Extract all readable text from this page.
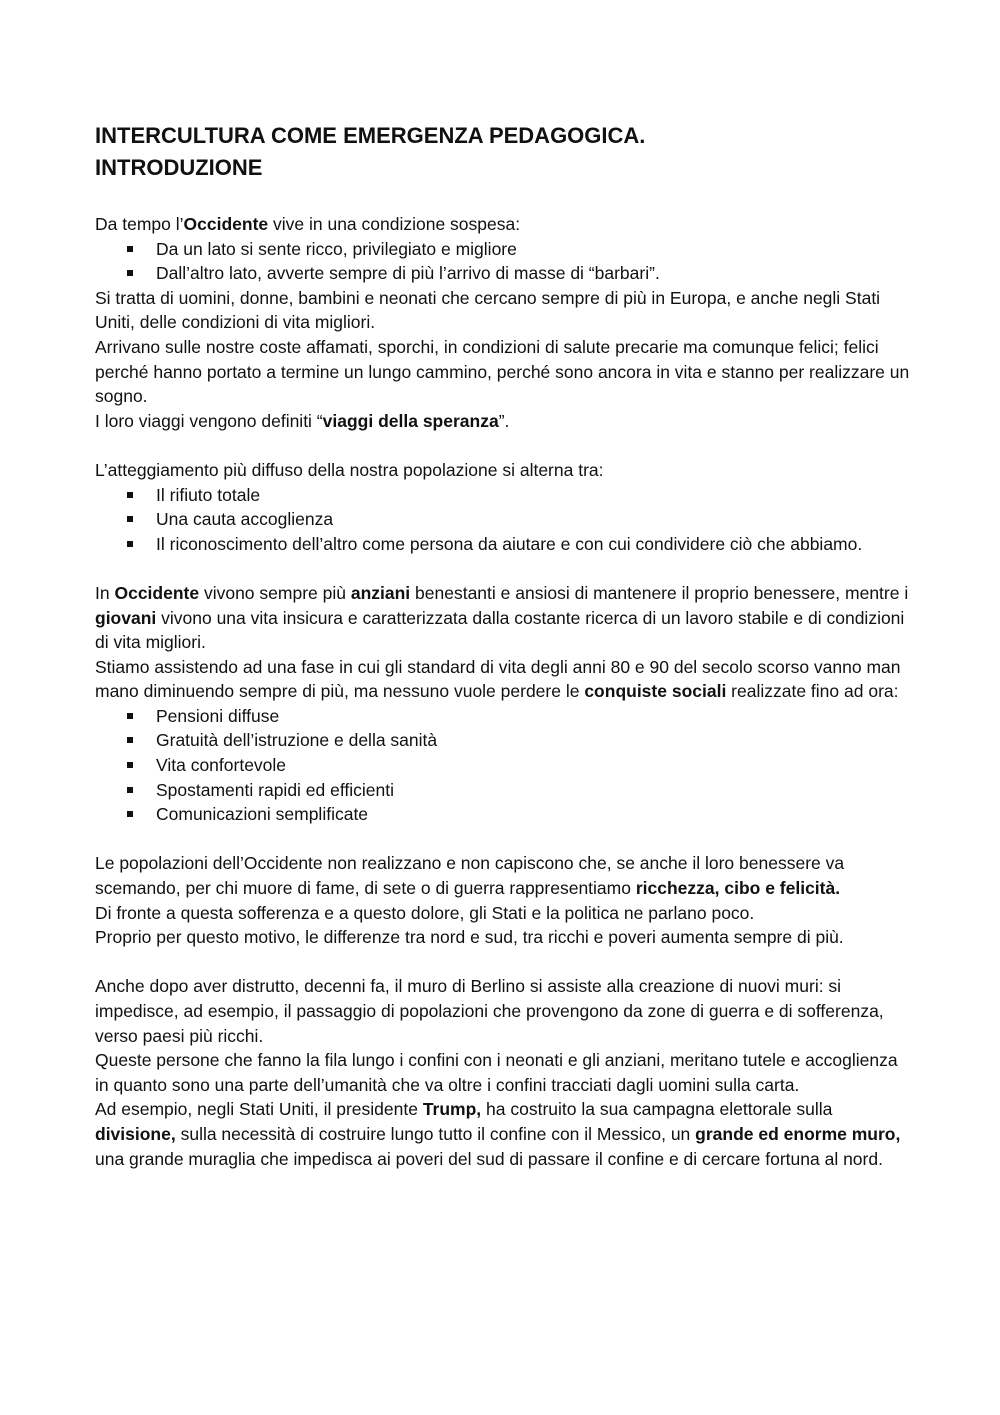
INTERCULTURA COME EMERGENZA PEDAGOGICA.
INTRODUZIONE

Da tempo l’Occidente vive in una condizione sospesa:

Da un lato si sente ricco, privilegiato e migliore
Dall’altro lato, avverte sempre di più l’arrivo di masse di “barbari”.

Si tratta di uomini, donne, bambini e neonati che cercano sempre di più in Europa, e anche negli Stati Uniti, delle condizioni di vita migliori.

Arrivano sulle nostre coste affamati, sporchi, in condizioni di salute precarie ma comunque felici; felici perché hanno portato a termine un lungo cammino, perché sono ancora in vita e stanno per realizzare un sogno.

I loro viaggi vengono definiti “viaggi della speranza”.

L’atteggiamento più diffuso della nostra popolazione si alterna tra:

Il rifiuto totale
Una cauta accoglienza
Il riconoscimento dell’altro come persona da aiutare e con cui condividere ciò che abbiamo.

In Occidente vivono sempre più anziani benestanti e ansiosi di mantenere il proprio benessere, mentre i giovani vivono una vita insicura e caratterizzata dalla costante ricerca di un lavoro stabile e di condizioni di vita migliori.

Stiamo assistendo ad una fase in cui gli standard di vita degli anni 80 e 90 del secolo scorso vanno man mano diminuendo sempre di più, ma nessuno vuole perdere le conquiste sociali realizzate fino ad ora:

Pensioni diffuse
Gratuità dell’istruzione e della sanità
Vita confortevole
Spostamenti rapidi ed efficienti
Comunicazioni semplificate

Le popolazioni dell’Occidente non realizzano e non capiscono che, se anche il loro benessere va scemando, per chi muore di fame, di sete o di guerra rappresentiamo ricchezza, cibo e felicità.

Di fronte a questa sofferenza e a questo dolore, gli Stati e la politica ne parlano poco.

Proprio per questo motivo, le differenze tra nord e sud, tra ricchi e poveri aumenta sempre di più.

Anche dopo aver distrutto, decenni fa, il muro di Berlino si assiste alla creazione di nuovi muri: si impedisce, ad esempio, il passaggio di popolazioni che provengono da zone di guerra e di sofferenza, verso paesi più ricchi.

Queste persone che fanno la fila lungo i confini con i neonati e gli anziani, meritano tutele e accoglienza in quanto sono una parte dell’umanità che va oltre i confini tracciati dagli uomini sulla carta.

Ad esempio, negli Stati Uniti, il presidente Trump, ha costruito la sua campagna elettorale sulla divisione, sulla necessità di costruire lungo tutto il confine con il Messico, un grande ed enorme muro, una grande muraglia che impedisca ai poveri del sud di passare il confine e di cercare fortuna al nord.
